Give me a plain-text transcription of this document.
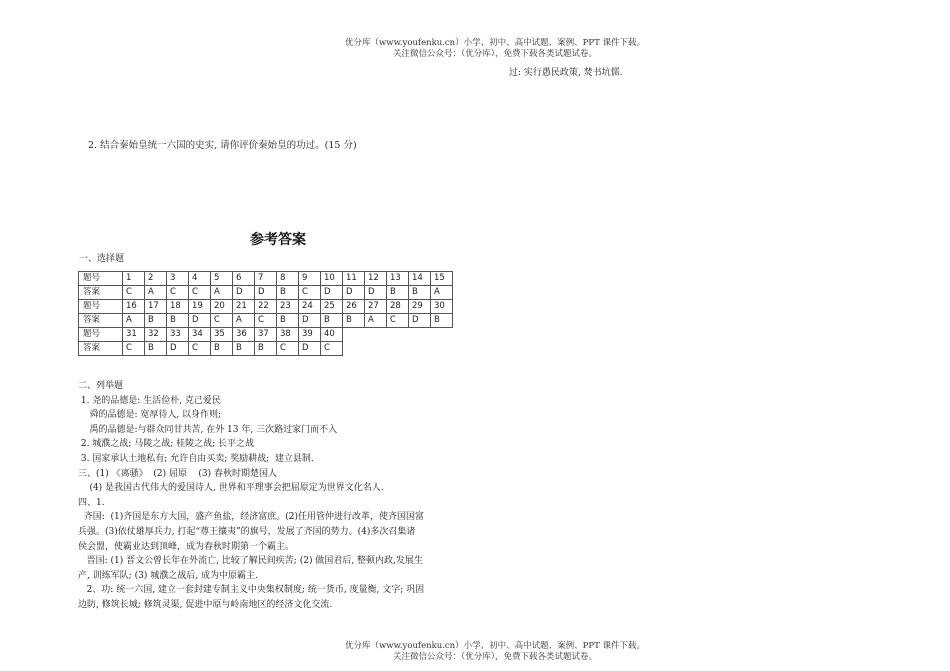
优分库（www.youfenku.cn）小学、初中、高中试题、案例、PPT 课件下载。
关注微信公众号：（优分库），免费下载各类试题试卷。
过: 实行愚民政策, 焚书坑儒.
2. 结合秦始皇统一六国的史实, 请你评价秦始皇的功过。(15 分)
参考答案
一、选择题
题号	1	2	3	4	5	6	7	8	9	10	11	12	13	14	15
答案	C	A	C	C	A	D	D	B	C	D	D	D	B	B	A
题号	16	17	18	19	20	21	22	23	24	25	26	27	28	29	30
答案	A	B	B	D	C	A	C	B	D	B	B	A	C	D	B
题号	31	32	33	34	35	36	37	38	39	40					
答案	C	B	D	C	B	B	B	C	D	C					
二、列举题
1. 尧的品德是: 生活俭朴, 克己爱民
舜的品德是: 宽厚待人, 以身作则;
禹的品德是:与群众同甘共苦, 在外 13 年, 三次路过家门而不入
2. 城濮之战; 马陵之战; 桂陵之战; 长平之战
3. 国家承认土地私有; 允许自由买卖; 奖励耕战;  建立县制.
三、(1) 《离骚》  (2) 屈原    (3) 春秋时期楚国人
(4) 是我国古代伟大的爱国诗人, 世界和平理事会把屈原定为世界文化名人.
四、1.
齐国:  (1)齐国是东方大国，盛产鱼盐，经济富庶。(2)任用管仲进行改革，使齐国国富
兵强。(3)依仗雄厚兵力, 打起“尊王攘夷”的旗号，发展了齐国的势力。(4)多次召集诸
侯会盟，使霸业达到顶峰，成为春秋时期第一个霸主。
晋国: (1) 晋文公曾长年在外流亡, 比较了解民间疾苦; (2) 做国君后, 整顿内政,发展生
产, 训练军队; (3) 城濮之战后, 成为中原霸主.
2、功: 统一六国, 建立一套封建专制主义中央集权制度; 统一货币, 度量衡, 文字; 巩固
边防, 修筑长城; 修筑灵渠, 促进中原与岭南地区的经济文化交流.
优分库（www.youfenku.cn）小学、初中、高中试题、案例、PPT 课件下载。
关注微信公众号：（优分库），免费下载各类试题试卷。
